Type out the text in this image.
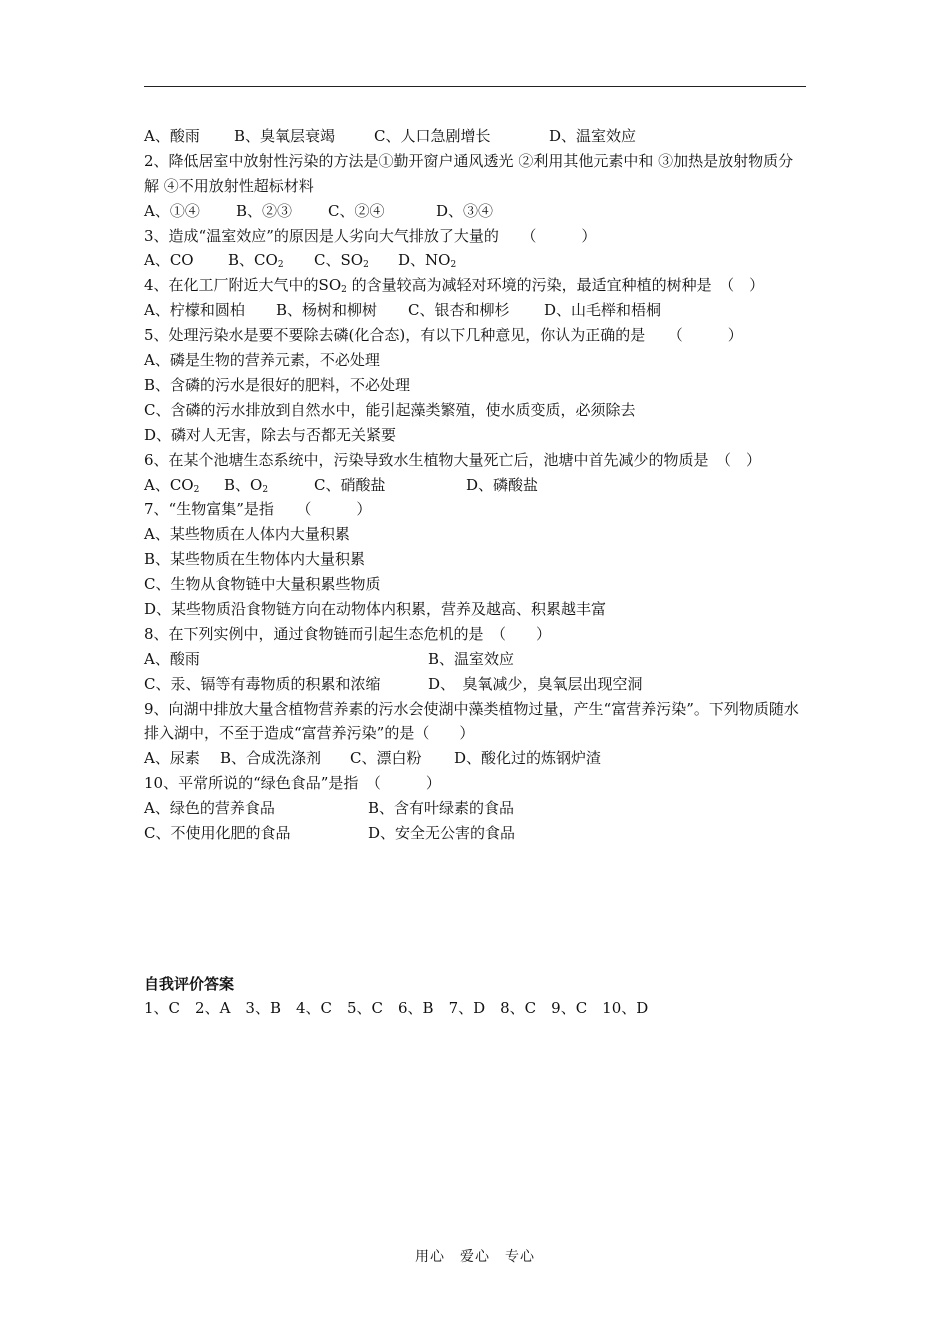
A、酸雨 B、臭氧层衰竭	C、人口急剧增长	D、温室效应
2、降低居室中放射性污染的方法是①勤开窗户通风透光 ②利用其他元素中和 ③加热是放射物质分解 ④不用放射性超标材料
A、①④ B、②③ C、②④	D、③④
3、造成“温室效应”的原因是人劣向大气排放了大量的　　（　　　）
A、CO B、$CO_2$ C、$SO_2$ D、$NO_2$
4、在化工厂附近大气中的$SO_2$ 的含量较高为减轻对环境的污染，最适宜种植的树种是　（　）
A、柠檬和圆柏 B、杨树和柳树 C、银杏和柳杉 D、山毛榉和梧桐
5、处理污染水是要不要除去磷(化合态)，有以下几种意见，你认为正确的是　　（　　　）
A、磷是生物的营养元素，不必处理
B、含磷的污水是很好的肥料，不必处理
C、含磷的污水排放到自然水中，能引起藻类繁殖，使水质变质，必须除去
D、磷对人无害，除去与否都无关紧要
6、在某个池塘生态系统中，污染导致水生植物大量死亡后，池塘中首先减少的物质是　（　）
A、$CO_2$ B、$O_2$	C、硝酸盐	D、磷酸盐
7、“生物富集”是指　　（　　　）
A、某些物质在人体内大量积累
B、某些物质在生物体内大量积累
C、生物从食物链中大量积累些物质
D、某些物质沿食物链方向在动物体内积累，营养及越高、积累越丰富
8、在下列实例中，通过食物链而引起生态危机的是　（　　）
A、酸雨	B、温室效应
C、汞、镉等有毒物质的积累和浓缩	D、　臭氧减少，臭氧层出现空洞
9、向湖中排放大量含植物营养素的污水会使湖中藻类植物过量，产生“富营养污染”。下列物质随水排入湖中，不至于造成“富营养污染”的是（　　）
A、尿素 B、合成洗涤剂 C、漂白粉 D、酸化过的炼钢炉渣
10、平常所说的“绿色食品”是指　（　　　）
A、绿色的营养食品	B、含有叶绿素的食品
C、不使用化肥的食品	D、安全无公害的食品
自我评价答案
1、C　2、A　3、B　4、C　5、C　6、B　7、D　8、C　9、C　10、D
用心　爱心　专心
